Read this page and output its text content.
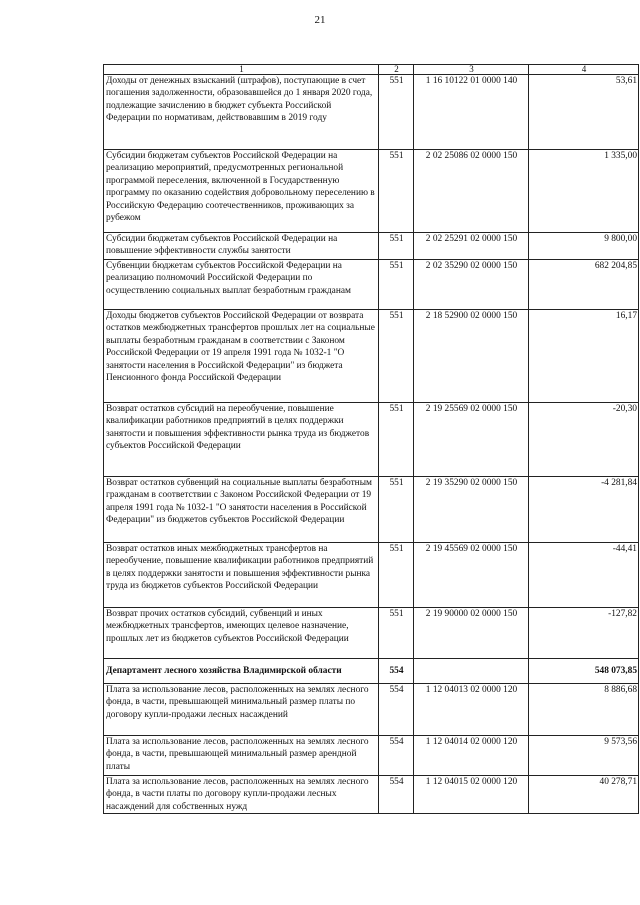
21
1	2	3	4
Доходы от денежных взысканий (штрафов), поступающие в счет погашения задолженности, образовавшейся до 1 января 2020 года, подлежащие зачислению в бюджет субъекта Российской Федерации по нормативам, действовавшим в 2019 году	551	1 16 10122 01 0000 140	53,61
Субсидии бюджетам субъектов Российской Федерации на реализацию мероприятий, предусмотренных региональной программой переселения, включенной в Государственную программу по оказанию содействия добровольному переселению в Российскую Федерацию соотечественников, проживающих за рубежом	551	2 02 25086 02 0000 150	1 335,00
Субсидии бюджетам субъектов Российской Федерации на повышение эффективности службы занятости	551	2 02 25291 02 0000 150	9 800,00
Субвенции бюджетам субъектов Российской Федерации на реализацию полномочий Российской Федерации по осуществлению социальных выплат безработным гражданам	551	2 02 35290 02 0000 150	682 204,85
Доходы бюджетов субъектов Российской Федерации от возврата остатков межбюджетных трансфертов прошлых лет на социальные выплаты безработным гражданам в соответствии с Законом Российской Федерации от 19 апреля 1991 года № 1032-1 "О занятости населения в Российской Федерации" из бюджета Пенсионного фонда Российской Федерации	551	2 18 52900 02 0000 150	16,17
Возврат остатков субсидий на переобучение, повышение квалификации работников предприятий в целях поддержки занятости и повышения эффективности рынка труда из бюджетов субъектов Российской Федерации	551	2 19 25569 02 0000 150	-20,30
Возврат остатков субвенций на социальные выплаты безработным гражданам в соответствии с Законом Российской Федерации от 19 апреля 1991 года № 1032-1 "О занятости населения в Российской Федерации" из бюджетов субъектов Российской Федерации	551	2 19 35290 02 0000 150	-4 281,84
Возврат остатков иных межбюджетных трансфертов на переобучение, повышение квалификации работников предприятий в целях поддержки занятости и повышения эффективности рынка труда из бюджетов субъектов Российской Федерации	551	2 19 45569 02 0000 150	-44,41
Возврат прочих остатков субсидий, субвенций и иных межбюджетных трансфертов, имеющих целевое назначение, прошлых лет из бюджетов субъектов Российской Федерации	551	2 19 90000 02 0000 150	-127,82
Департамент лесного хозяйства Владимирской области	554		548 073,85
Плата за использование лесов, расположенных на землях лесного фонда, в части, превышающей минимальный размер платы по договору купли-продажи лесных насаждений	554	1 12 04013 02 0000 120	8 886,68
Плата за использование лесов, расположенных на землях лесного фонда, в части, превышающей минимальный размер арендной платы	554	1 12 04014 02 0000 120	9 573,56
Плата за использование лесов, расположенных на землях лесного фонда, в части платы по договору купли-продажи лесных насаждений для собственных нужд	554	1 12 04015 02 0000 120	40 278,71
